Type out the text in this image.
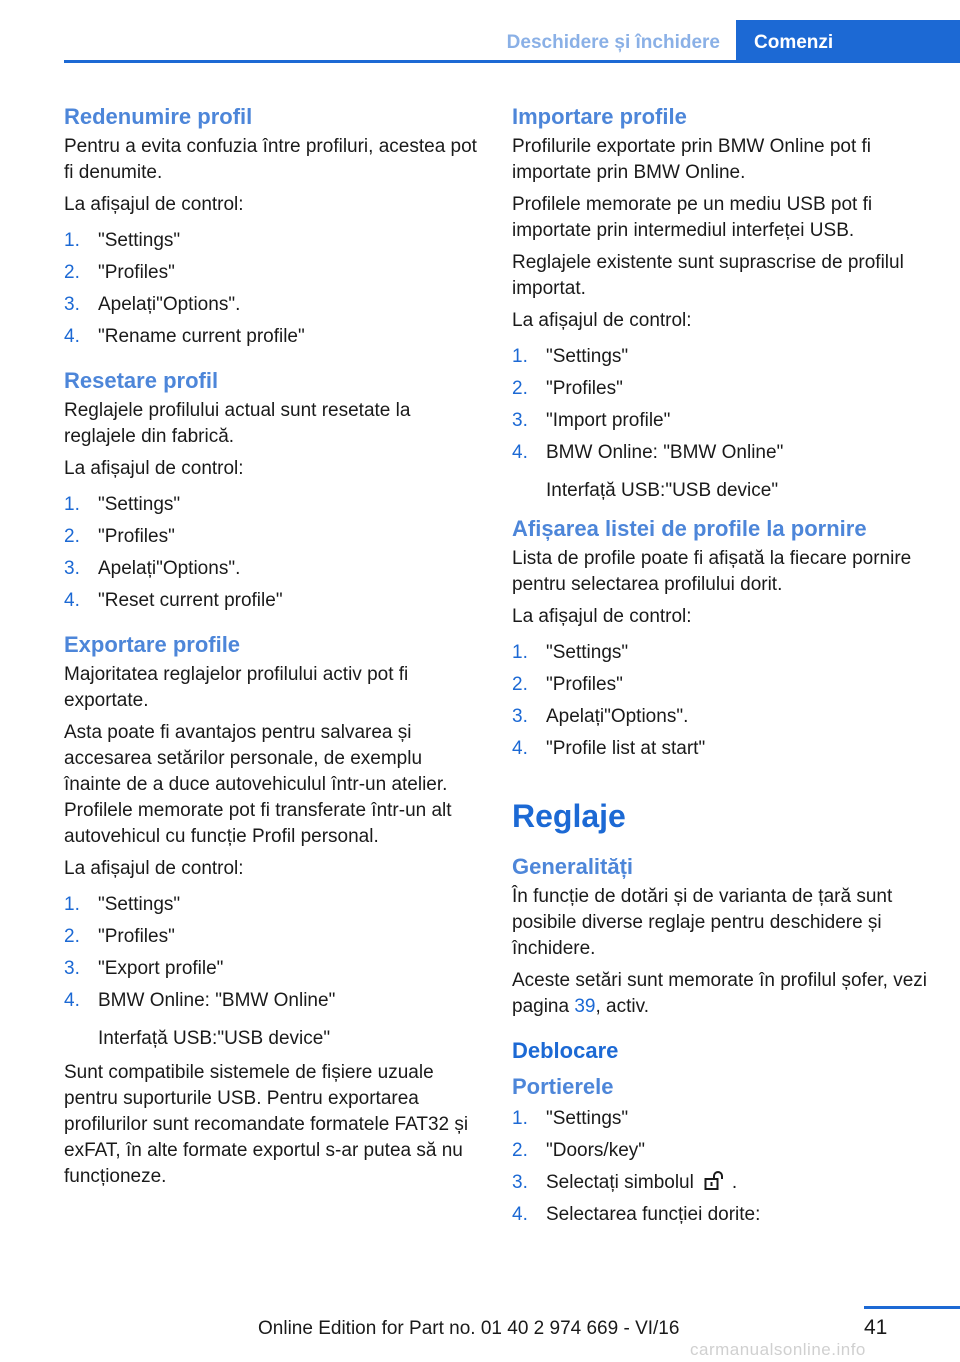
Deschidere și închidere	Comenzi
Redenumire profil

Pentru a evita confuzia între profiluri, acestea pot fi denumite.

La afișajul de control:

1. "Settings"
2. "Profiles"
3. Apelați"Options".
4. "Rename current profile"
Resetare profil

Reglajele profilului actual sunt resetate la reglajele din fabrică.

La afișajul de control:

1. "Settings"
2. "Profiles"
3. Apelați"Options".
4. "Reset current profile"
Exportare profile

Majoritatea reglajelor profilului activ pot fi exportate.

Asta poate fi avantajos pentru salvarea și accesarea setărilor personale, de exemplu înainte de a duce autovehiculul într-un atelier. Profilele memorate pot fi transferate într-un alt autovehicul cu funcție Profil personal.

La afișajul de control:

1. "Settings"
2. "Profiles"
3. "Export profile"
4. BMW Online: "BMW Online"
Interfață USB:"USB device"

Sunt compatibile sistemele de fișiere uzuale pentru suporturile USB. Pentru exportarea profilurilor sunt recomandate formatele FAT32 și exFAT, în alte formate exportul s-ar putea să nu funcționeze.

Importare profile

Profilurile exportate prin BMW Online pot fi importate prin BMW Online.

Profilele memorate pe un mediu USB pot fi importate prin intermediul interfeței USB.

Reglajele existente sunt suprascrise de profilul importat.

La afișajul de control:

1. "Settings"
2. "Profiles"
3. "Import profile"
4. BMW Online: "BMW Online"
Interfață USB:"USB device"
Afișarea listei de profile la pornire

Lista de profile poate fi afișată la fiecare pornire pentru selectarea profilului dorit.

La afișajul de control:

1. "Settings"
2. "Profiles"
3. Apelați"Options".
4. "Profile list at start"
Reglaje
Generalități

În funcție de dotări și de varianta de țară sunt posibile diverse reglaje pentru deschidere și închidere.

Aceste setări sunt memorate în profilul șofer, vezi pagina 39, activ.

Deblocare
Portierele
1. "Settings"
2. "Doors/key"
3. Selectați simbolul .
4. Selectarea funcției dorite:
41
Online Edition for Part no. 01 40 2 974 669 - VI/16
carmanualsonline.info
